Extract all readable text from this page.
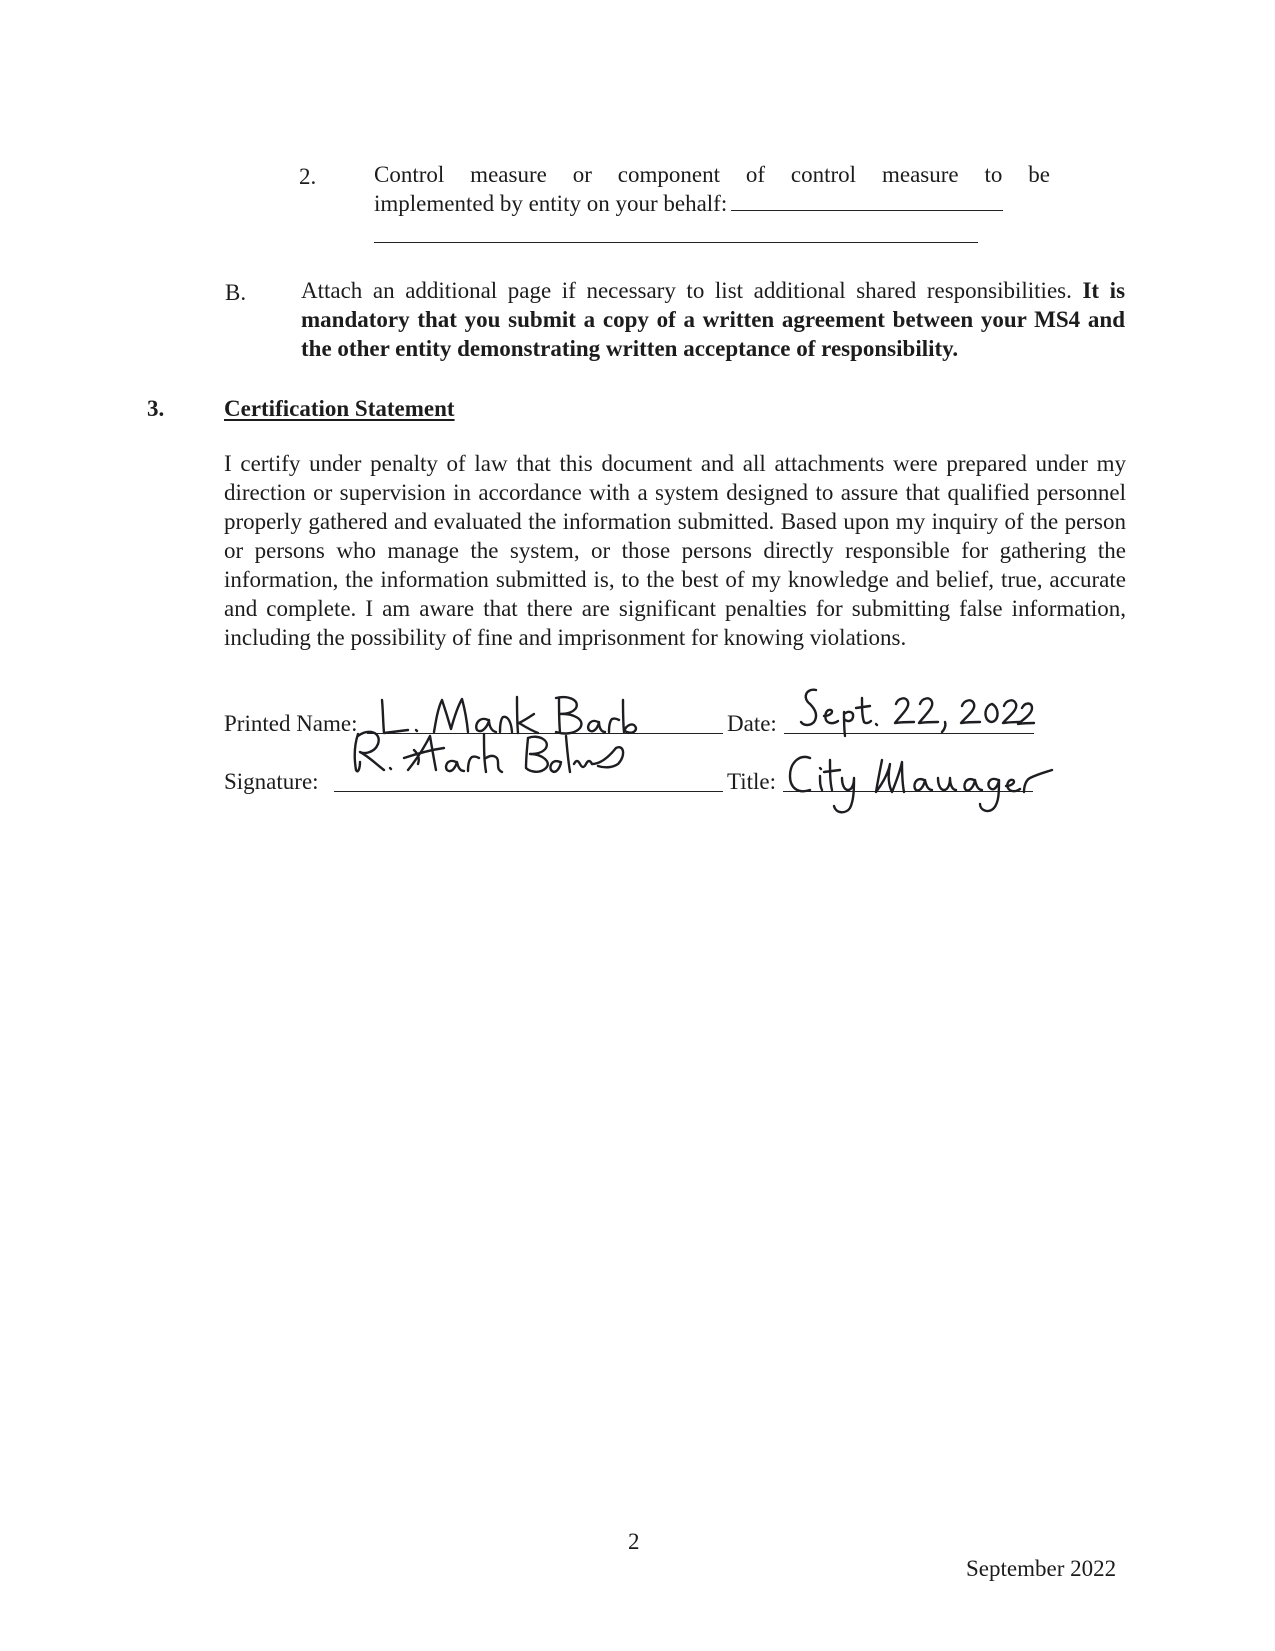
2.	Control measure or component of control measure to be
implemented by entity on your behalf:
B. Attach an additional page if necessary to list additional shared responsibilities. It is mandatory that you submit a copy of a written agreement between your MS4 and the other entity demonstrating written acceptance of responsibility.
3.	Certification Statement
I certify under penalty of law that this document and all attachments were prepared under my direction or supervision in accordance with a system designed to assure that qualified personnel properly gathered and evaluated the information submitted. Based upon my inquiry of the person or persons who manage the system, or those persons directly responsible for gathering the information, the information submitted is, to the best of my knowledge and belief, true, accurate and complete. I am aware that there are significant penalties for submitting false information, including the possibility of fine and imprisonment for knowing violations.
Printed Name:	Date:
Signature:	Title:
2
September 2022
